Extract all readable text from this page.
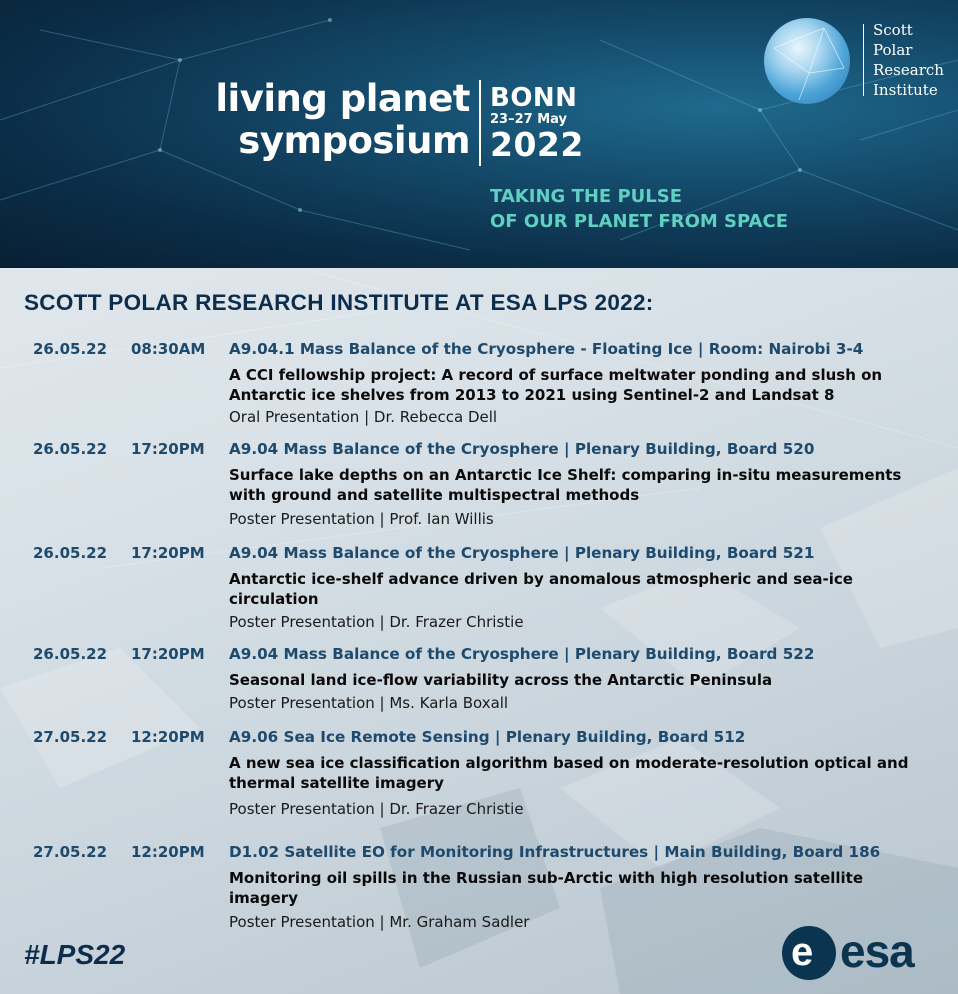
living planet
symposium
BONN
23–27 May
2022
TAKING THE PULSE
OF OUR PLANET FROM SPACE
Scott
Polar
Research
Institute
SCOTT POLAR RESEARCH INSTITUTE AT ESA LPS 2022:
26.05.22 08:30AM A9.04.1 Mass Balance of the Cryosphere - Floating Ice | Room: Nairobi 3-4
A CCI fellowship project: A record of surface meltwater ponding and slush on
Antarctic ice shelves from 2013 to 2021 using Sentinel-2 and Landsat 8
Oral Presentation | Dr. Rebecca Dell
26.05.22 17:20PM A9.04 Mass Balance of the Cryosphere | Plenary Building, Board 520
Surface lake depths on an Antarctic Ice Shelf: comparing in-situ measurements
with ground and satellite multispectral methods
Poster Presentation | Prof. Ian Willis
26.05.22 17:20PM A9.04 Mass Balance of the Cryosphere | Plenary Building, Board 521
Antarctic ice-shelf advance driven by anomalous atmospheric and sea-ice
circulation
Poster Presentation | Dr. Frazer Christie
26.05.22 17:20PM A9.04 Mass Balance of the Cryosphere | Plenary Building, Board 522
Seasonal land ice-flow variability across the Antarctic Peninsula
Poster Presentation | Ms. Karla Boxall
27.05.22 12:20PM A9.06 Sea Ice Remote Sensing | Plenary Building, Board 512
A new sea ice classification algorithm based on moderate-resolution optical and
thermal satellite imagery
Poster Presentation | Dr. Frazer Christie
27.05.22 12:20PM D1.02 Satellite EO for Monitoring Infrastructures | Main Building, Board 186
Monitoring oil spills in the Russian sub-Arctic with high resolution satellite
imagery
Poster Presentation | Mr. Graham Sadler
#LPS22	e esa
